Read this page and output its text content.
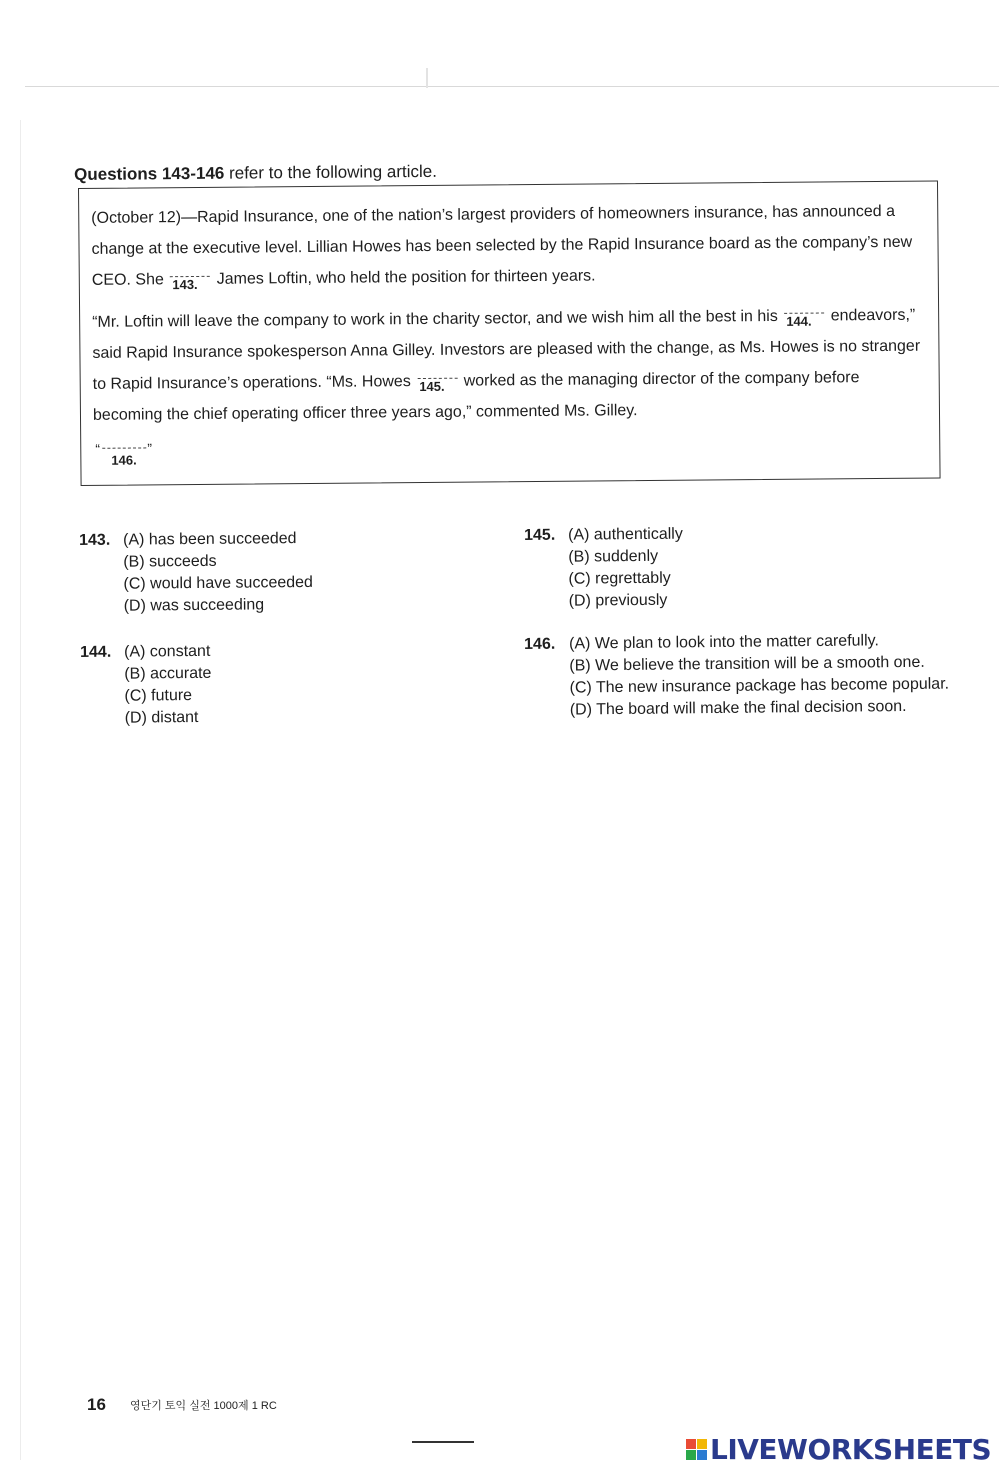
Questions 143-146 refer to the following article.
(October 12)—Rapid Insurance, one of the nation’s largest providers of homeowners insurance, has announced a change at the executive level. Lillian Howes has been selected by the Rapid Insurance board as the company’s new CEO. She 143. James Loftin, who held the position for thirteen years.
“Mr. Loftin will leave the company to work in the charity sector, and we wish him all the best in his 144. endeavors,” said Rapid Insurance spokesperson Anna Gilley. Investors are pleased with the change, as Ms. Howes is no stranger to Rapid Insurance’s operations. “Ms. Howes 145. worked as the managing director of the company before becoming the chief operating officer three years ago,” commented Ms. Gilley.
“	”
146.
143. (A) has been succeeded
(B) succeeds
(C) would have succeeded
(D) was succeeding
144. (A) constant
(B) accurate
(C) future
(D) distant
145. (A) authentically
(B) suddenly
(C) regrettably
(D) previously
146. (A) We plan to look into the matter carefully.
(B) We believe the transition will be a smooth one.
(C) The new insurance package has become popular.
(D) The board will make the final decision soon.
16 영단기 토익 실전 1000제 1 RC
LIVEWORKSHEETS
